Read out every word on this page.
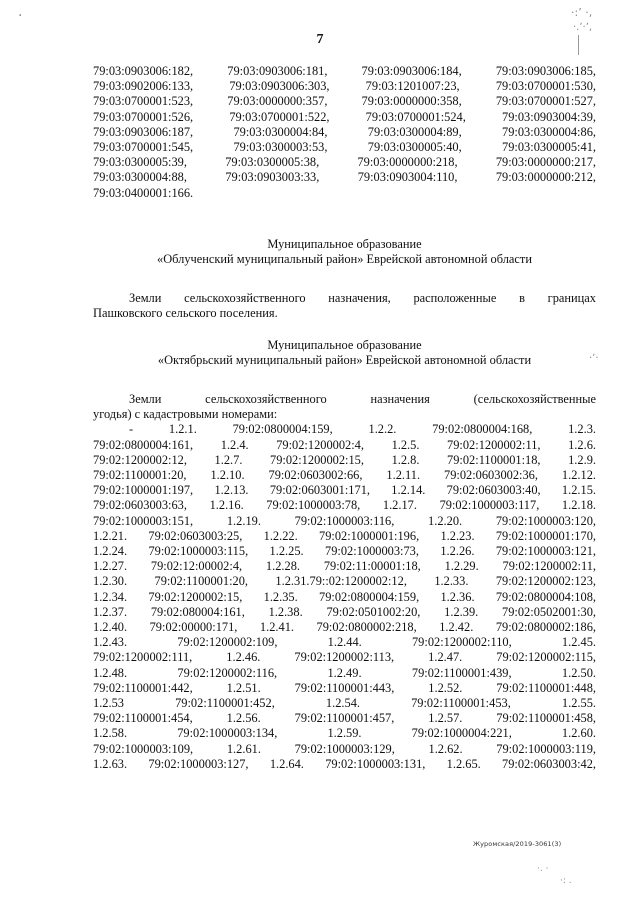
·	·:ʼ ·,
·.ʼ·ʼ,
·ʼ·
·. ·
·: .
7

79:03:0903006:182, 79:03:0903006:181, 79:03:0903006:184, 79:03:0903006:185,

79:03:0902006:133, 79:03:0903006:303, 79:03:1201007:23, 79:03:0700001:530,

79:03:0700001:523, 79:03:0000000:357, 79:03:0000000:358, 79:03:0700001:527,

79:03:0700001:526, 79:03:0700001:522, 79:03:0700001:524, 79:03:0903004:39,

79:03:0903006:187, 79:03:0300004:84, 79:03:0300004:89, 79:03:0300004:86,

79:03:0700001:545, 79:03:0300003:53, 79:03:0300005:40, 79:03:0300005:41,

79:03:0300005:39, 79:03:0300005:38, 79:03:0000000:218, 79:03:0000000:217,

79:03:0300004:88, 79:03:0903003:33, 79:03:0903004:110, 79:03:0000000:212,

79:03:0400001:166.

Муниципальное образование

«Облученский муниципальный район» Еврейской автономной области

Земли сельскохозяйственного назначения, расположенные в границах

Пашковского сельского поселения.

Муниципальное образование

«Октябрьский муниципальный район» Еврейской автономной области

Земли сельскохозяйственного назначения (сельскохозяйственные

угодья) с кадастровыми номерами:

- 1.2.1. 79:02:0800004:159, 1.2.2. 79:02:0800004:168, 1.2.3.

79:02:0800004:161, 1.2.4. 79:02:1200002:4, 1.2.5. 79:02:1200002:11, 1.2.6.

79:02:1200002:12, 1.2.7. 79:02:1200002:15, 1.2.8. 79:02:1100001:18, 1.2.9.

79:02:1100001:20, 1.2.10. 79:02:0603002:66, 1.2.11. 79:02:0603002:36, 1.2.12.

79:02:1000001:197, 1.2.13. 79:02:0603001:171, 1.2.14. 79:02:0603003:40, 1.2.15.

79:02:0603003:63, 1.2.16. 79:02:1000003:78, 1.2.17. 79:02:1000003:117, 1.2.18.

79:02:1000003:151, 1.2.19. 79:02:1000003:116, 1.2.20. 79:02:1000003:120,

1.2.21. 79:02:0603003:25, 1.2.22. 79:02:1000001:196, 1.2.23. 79:02:1000001:170,

1.2.24. 79:02:1000003:115, 1.2.25. 79:02:1000003:73, 1.2.26. 79:02:1000003:121,

1.2.27. 79:02:12:00002:4, 1.2.28. 79:02:11:00001:18, 1.2.29. 79:02:1200002:11,

1.2.30. 79:02:1100001:20, 1.2.31.79::02:1200002:12, 1.2.33. 79:02:1200002:123,

1.2.34. 79:02:1200002:15, 1.2.35. 79:02:0800004:159, 1.2.36. 79:02:0800004:108,

1.2.37. 79:02:080004:161, 1.2.38. 79:02:0501002:20, 1.2.39. 79:02:0502001:30,

1.2.40. 79:02:00000:171, 1.2.41. 79:02:0800002:218, 1.2.42. 79:02:0800002:186,

1.2.43. 79:02:1200002:109, 1.2.44. 79:02:1200002:110, 1.2.45.

79:02:1200002:111, 1.2.46. 79:02:1200002:113, 1.2.47. 79:02:1200002:115,

1.2.48. 79:02:1200002:116, 1.2.49. 79:02:1100001:439, 1.2.50.

79:02:1100001:442, 1.2.51. 79:02:1100001:443, 1.2.52. 79:02:1100001:448,

1.2.53 79:02:1100001:452, 1.2.54. 79:02:1100001:453, 1.2.55.

79:02:1100001:454, 1.2.56. 79:02:1100001:457, 1.2.57. 79:02:1100001:458,

1.2.58. 79:02:1000003:134, 1.2.59. 79:02:1000004:221, 1.2.60.

79:02:1000003:109, 1.2.61. 79:02:1000003:129, 1.2.62. 79:02:1000003:119,

1.2.63. 79:02:1000003:127, 1.2.64. 79:02:1000003:131, 1.2.65. 79:02:0603003:42,

Журомская/2019-3061(3)
